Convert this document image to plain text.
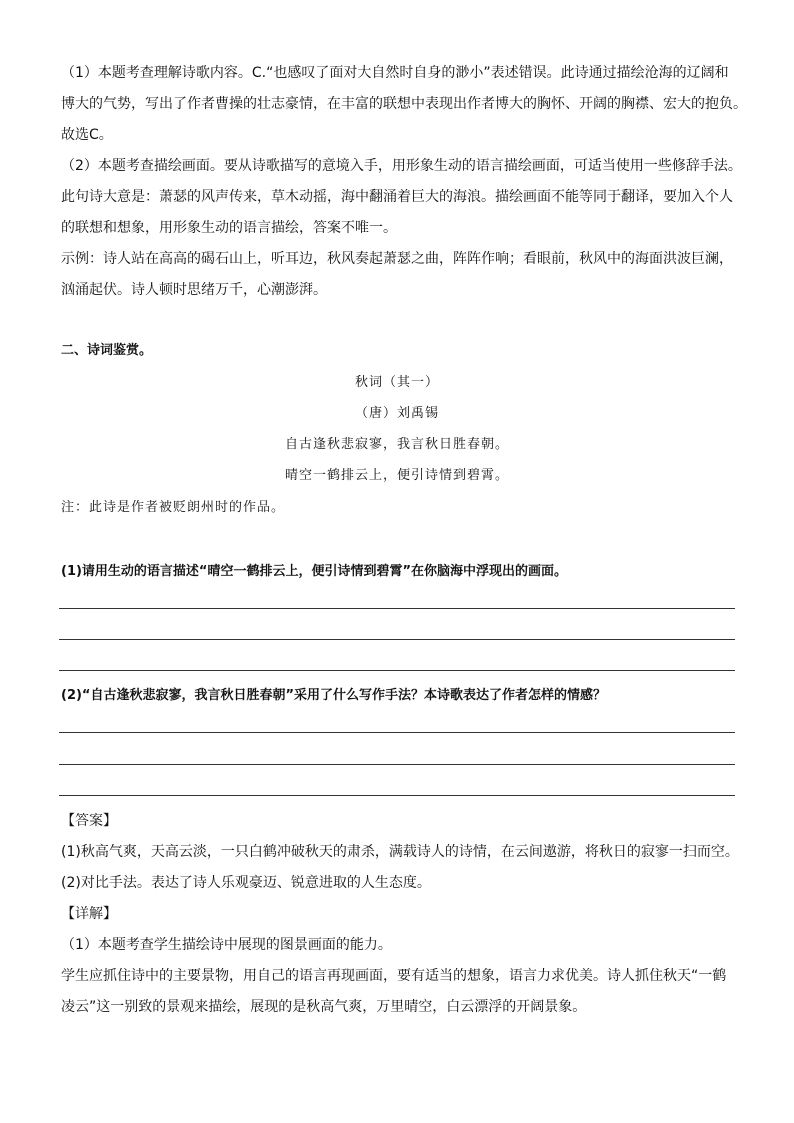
（1）本题考查理解诗歌内容。C.“也感叹了面对大自然时自身的渺小”表述错误。此诗通过描绘沧海的辽阔和
博大的气势，写出了作者曹操的壮志豪情，在丰富的联想中表现出作者博大的胸怀、开阔的胸襟、宏大的抱负。
故选C。
（2）本题考查描绘画面。要从诗歌描写的意境入手，用形象生动的语言描绘画面，可适当使用一些修辞手法。
此句诗大意是：萧瑟的风声传来，草木动摇，海中翻涌着巨大的海浪。描绘画面不能等同于翻译，要加入个人
的联想和想象，用形象生动的语言描绘，答案不唯一。
示例：诗人站在高高的碣石山上，听耳边，秋风奏起萧瑟之曲，阵阵作响；看眼前，秋风中的海面洪波巨澜，
汹涌起伏。诗人顿时思绪万千，心潮澎湃。
二、诗词鉴赏。
秋词（其一）
（唐）刘禹锡
自古逢秋悲寂寥，我言秋日胜春朝。
晴空一鹤排云上，便引诗情到碧霄。
注：此诗是作者被贬朗州时的作品。
(1)请用生动的语言描述“晴空一鹤排云上，便引诗情到碧霄”在你脑海中浮现出的画面。
(2)“自古逢秋悲寂寥，我言秋日胜春朝”采用了什么写作手法？本诗歌表达了作者怎样的情感？
【答案】
(1)秋高气爽，天高云淡，一只白鹤冲破秋天的肃杀，满载诗人的诗情，在云间遨游，将秋日的寂寥一扫而空。
(2)对比手法。表达了诗人乐观豪迈、锐意进取的人生态度。
【详解】
（1）本题考查学生描绘诗中展现的图景画面的能力。
学生应抓住诗中的主要景物，用自己的语言再现画面，要有适当的想象，语言力求优美。诗人抓住秋天“一鹤
凌云”这一别致的景观来描绘，展现的是秋高气爽，万里晴空，白云漂浮的开阔景象。
